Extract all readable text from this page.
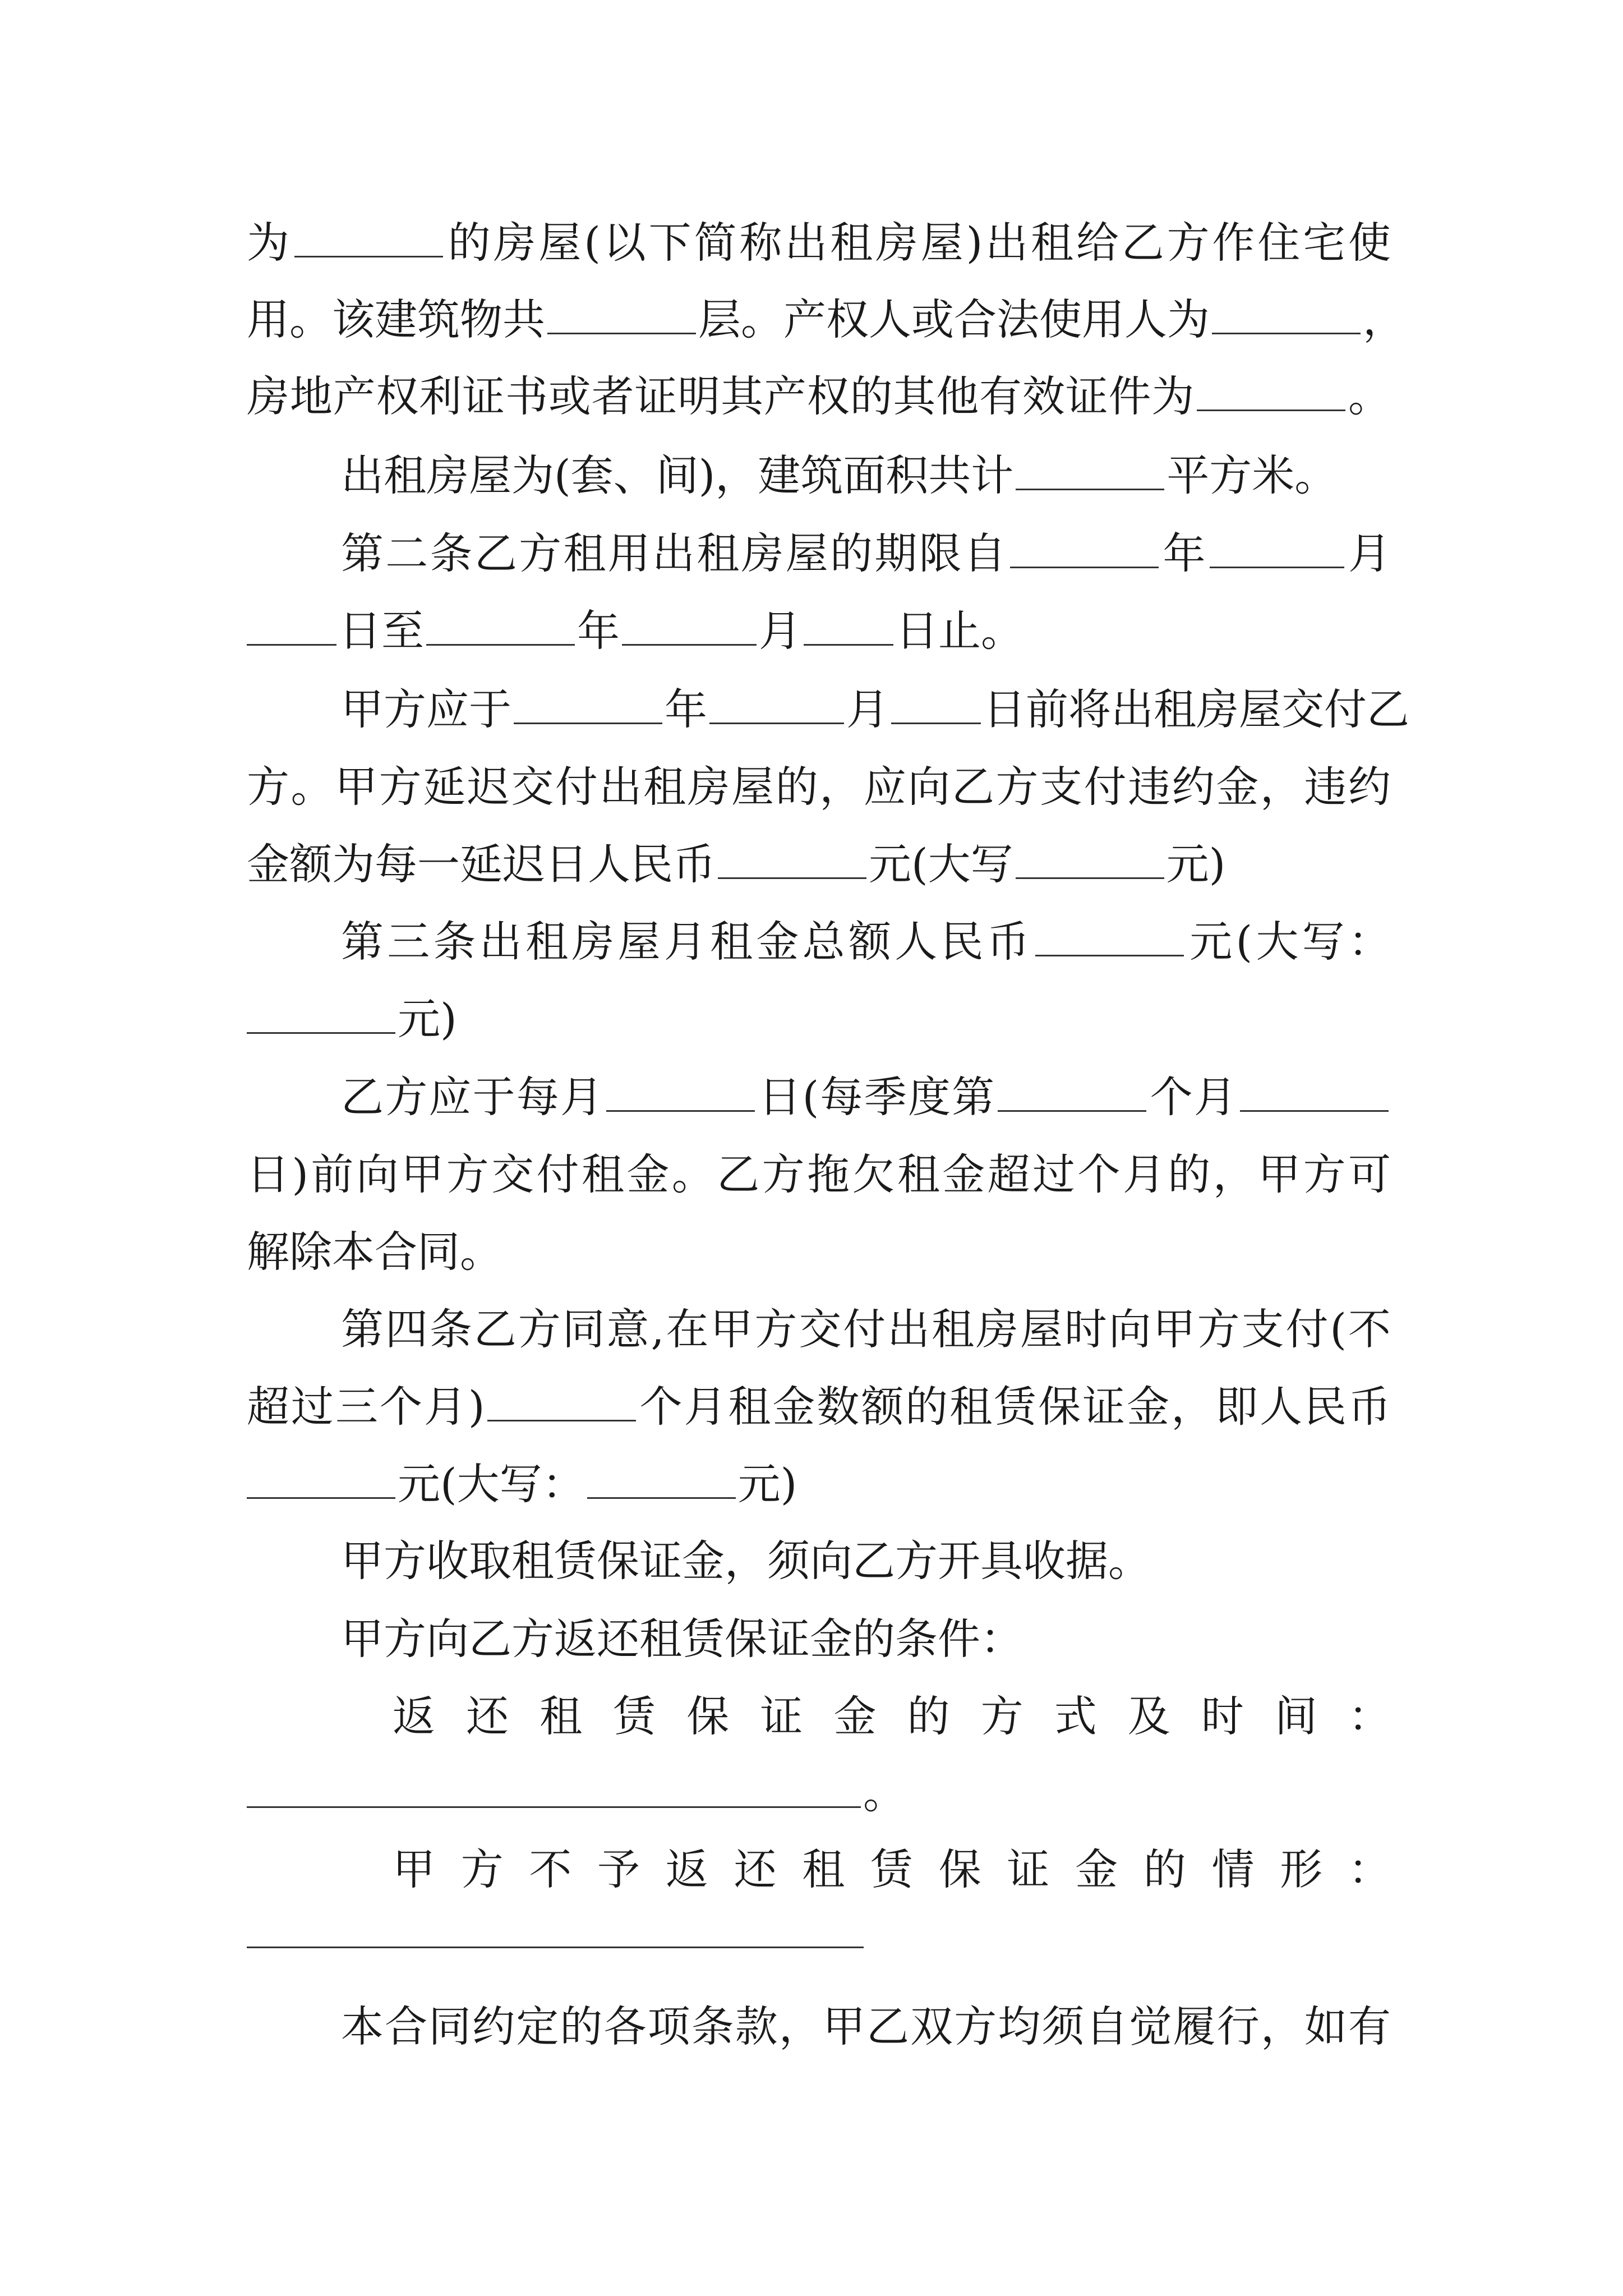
为	的房屋(以下简称出租房屋)出租给乙方作住宅使
用。该建筑物共	层。产权人或合法使用人为	，
房地产权利证书或者证明其产权的其他有效证件为	。
出租房屋为(套、间)，建筑面积共计	平方米。
第二条乙方租用出租房屋的期限自	年	月
日至	年	月 日止。
甲方应于	年	月 日前将出租房屋交付乙
方。甲方延迟交付出租房屋的，应向乙方支付违约金，违约
金额为每一延迟日人民币	元(大写	元)
第三条出租房屋月租金总额人民币	元(大写：
元)
乙方应于每月	日(每季度第	个月
日)前向甲方交付租金。乙方拖欠租金超过个月的，甲方可
解除本合同。
第四条乙方同意,在甲方交付出租房屋时向甲方支付(不
超过三个月)	个月租金数额的租赁保证金，即人民币
元(大写：	元)
甲方收取租赁保证金，须向乙方开具收据。
甲方向乙方返还租赁保证金的条件：
返还租赁保证金的方式及时间：
。
甲方不予返还租赁保证金的情形：
本合同约定的各项条款，甲乙双方均须自觉履行，如有
